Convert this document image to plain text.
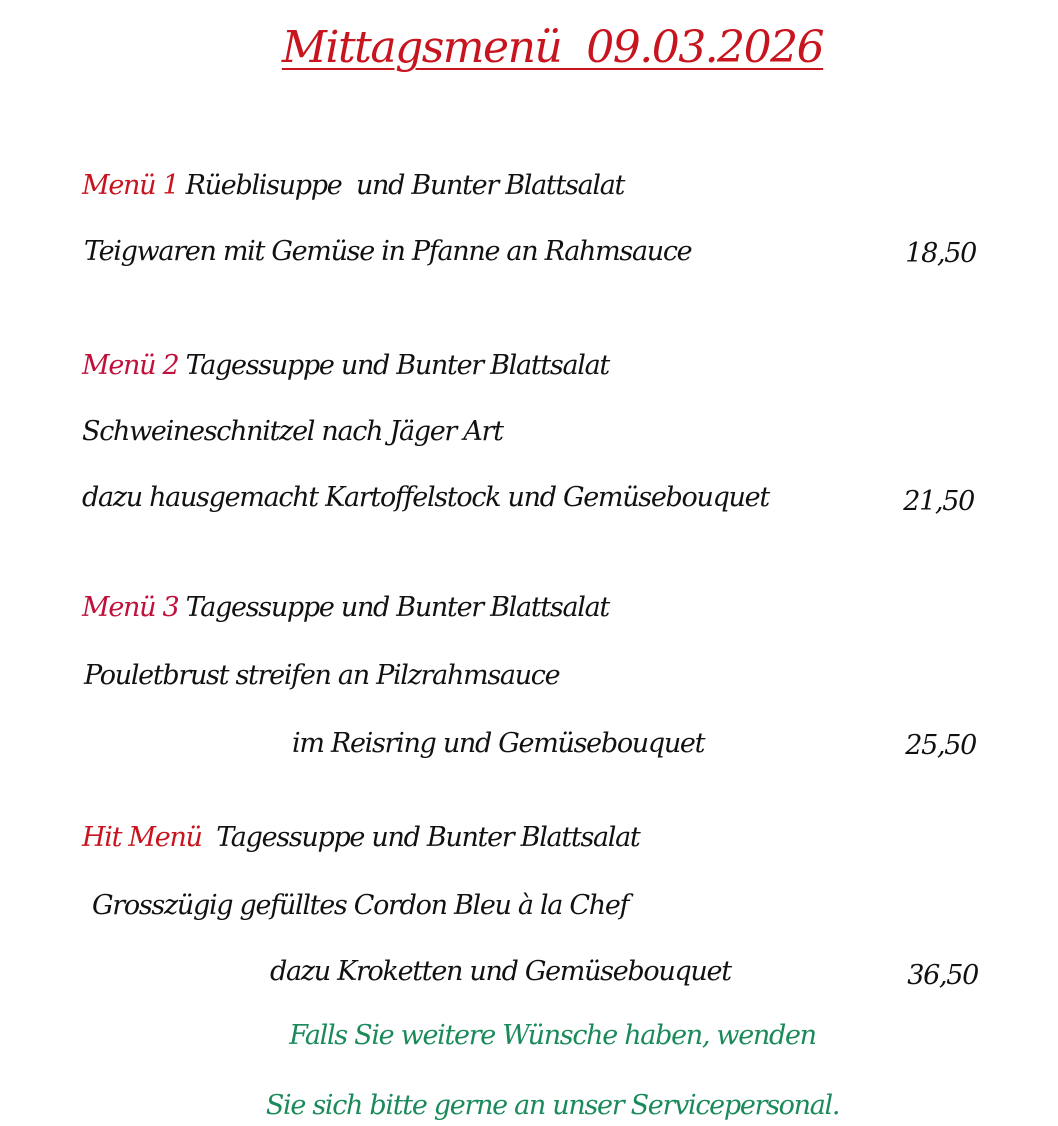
Mittagsmenü  09.03.2026
Menü 1 Rüeblisuppe  und Bunter Blattsalat
Teigwaren mit Gemüse in Pfanne an Rahmsauce	18,50
Menü 2 Tagessuppe und Bunter Blattsalat
Schweineschnitzel nach Jäger Art
dazu hausgemacht Kartoffelstock und Gemüsebouquet	21,50
Menü 3 Tagessuppe und Bunter Blattsalat
Pouletbrust streifen an Pilzrahmsauce
im Reisring und Gemüsebouquet	25,50
Hit Menü  Tagessuppe und Bunter Blattsalat
Grosszügig gefülltes Cordon Bleu à la Chef
dazu Kroketten und Gemüsebouquet	36,50
Falls Sie weitere Wünsche haben, wenden
Sie sich bitte gerne an unser Servicepersonal.
